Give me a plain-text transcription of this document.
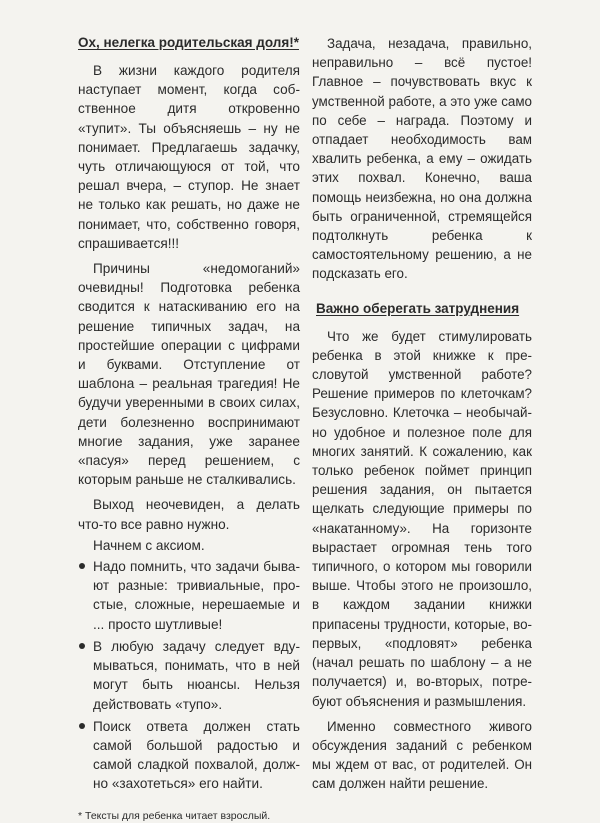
Ох, нелегка родительская доля!*

В жизни каждого родителя наступает момент, когда собственное дитя откровенно «тупит». Ты объясняешь – ну не понимает. Предлагаешь задачку, чуть отличающуюся от той, что решал вчера, – ступор. Не знает не только как решать, но даже не понимает, что, собственно говоря, спрашивается!!!

Причины «недомоганий» очевидны! Подготовка ребенка сводится к натаскиванию его на решение типичных задач, на простейшие операции с цифрами и буквами. Отступление от шаблона – реальная трагедия! Не будучи уверенными в своих силах, дети болезненно воспринимают многие задания, уже заранее «пасуя» перед решением, с которым раньше не сталкивались.

Выход неочевиден, а делать что-то все равно нужно.

Начнем с аксиом.

Надо помнить, что задачи бывают разные: тривиальные, простые, сложные, нерешаемые и ... просто шутливые!
В любую задачу следует вдумываться, понимать, что в ней могут быть нюансы. Нельзя действовать «тупо».
Поиск ответа должен стать самой большой радостью и самой сладкой похвалой, должно «захотеться» его найти.

* Тексты для ребенка читает взрослый.

Задача, незадача, правильно, неправильно – всё пустое! Главное – почувствовать вкус к умственной работе, а это уже само по себе – награда. Поэтому и отпадает необходимость вам хвалить ребенка, а ему – ожидать этих похвал. Конечно, ваша помощь неизбежна, но она должна быть ограниченной, стремящейся подтолкнуть ребенка к самостоятельному решению, а не подсказать его.

Важно оберегать затруднения

Что же будет стимулировать ребенка в этой книжке к пресловутой умственной работе? Решение примеров по клеточкам? Безусловно. Клеточка – необычайно удобное и полезное поле для многих занятий. К сожалению, как только ребенок поймет принцип решения задания, он пытается щелкать следующие примеры по «накатанному». На горизонте вырастает огромная тень того типичного, о котором мы говорили выше. Чтобы этого не произошло, в каждом задании книжки припасены трудности, которые, во-первых, «подловят» ребенка (начал решать по шаблону – а не получается) и, во-вторых, потребуют объяснения и размышления.

Именно совместного живого обсуждения заданий с ребенком мы ждем от вас, от родителей. Он сам должен найти решение.
